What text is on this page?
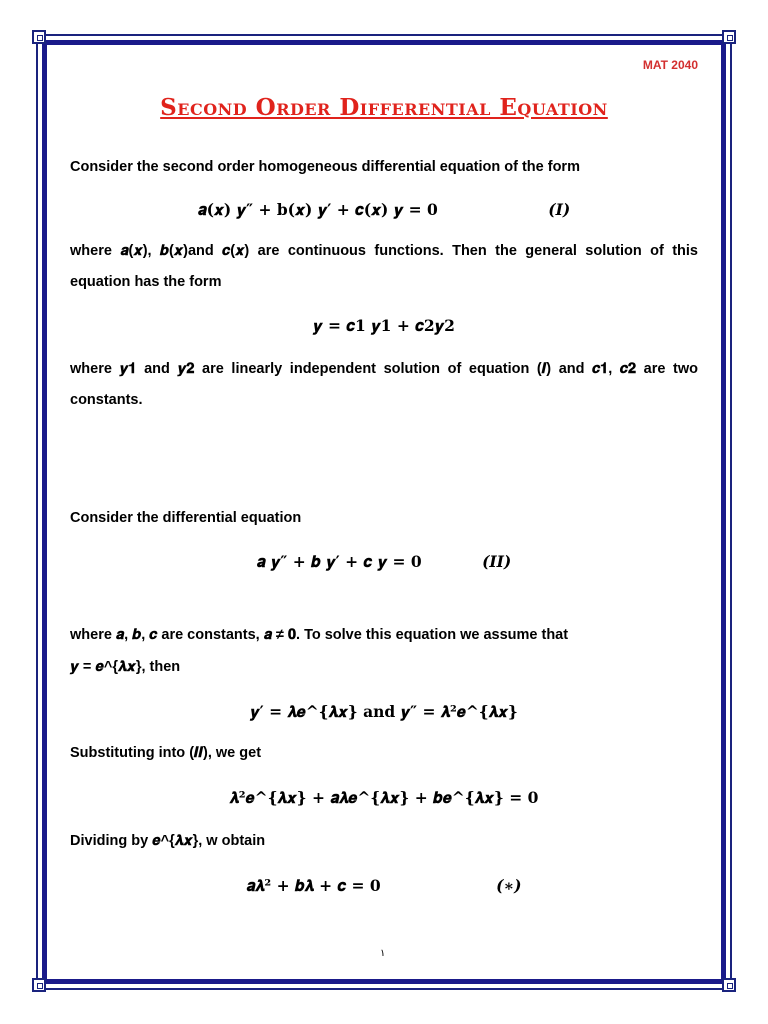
MAT 2040
Second Order Differential Equation
Consider the second order homogeneous differential equation of the form
𝒂(𝒙) 𝒚″ + 𝐛(𝒙) 𝒚′ + 𝒄(𝒙) 𝒚 = 𝟎	(𝑰)
where 𝒂(𝒙), 𝒃(𝒙)and 𝒄(𝒙) are continuous functions. Then the general solution of this equation has the form
𝒚 = 𝒄𝟏 𝒚𝟏 + 𝒄𝟐𝒚𝟐
where 𝒚𝟏 and 𝒚𝟐 are linearly independent solution of equation (𝑰) and 𝒄𝟏, 𝒄𝟐 are two constants.
Consider the differential equation
𝒂 𝒚″ + 𝒃 𝒚′ + 𝒄 𝒚 = 𝟎	(𝑰𝑰)
where 𝒂, 𝒃, 𝒄 are constants, 𝒂 ≠ 𝟎. To solve this equation we assume that
𝒚 = 𝒆^{𝝀𝒙}, then
𝒚′ = 𝝀𝒆^{𝝀𝒙} and 𝒚″ = 𝝀²𝒆^{𝝀𝒙}
Substituting into (𝑰𝑰), we get
𝝀²𝒆^{𝝀𝒙} + 𝒂𝝀𝒆^{𝝀𝒙} + 𝒃𝒆^{𝝀𝒙} = 𝟎
Dividing by 𝒆^{𝝀𝒙}, w obtain
𝒂𝝀² + 𝒃𝝀 + 𝒄 = 𝟎	(∗)
١
